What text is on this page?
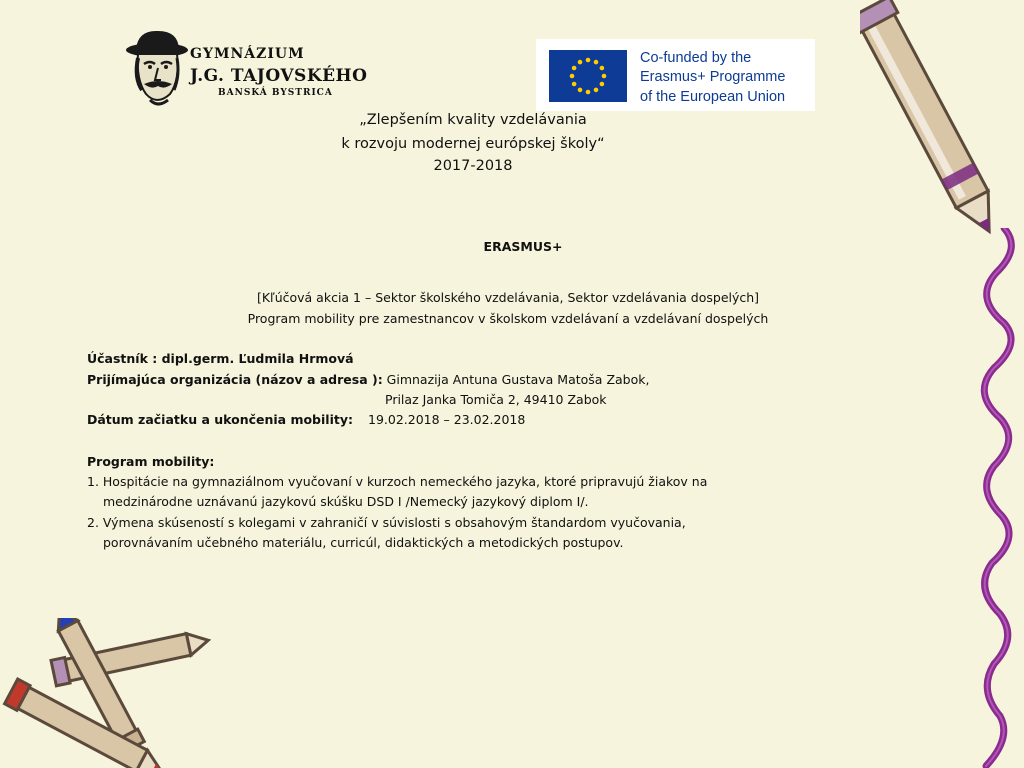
GYMNÁZIUM
J.G. TAJOVSKÉHO
BANSKÁ BYSTRICA
Co-funded by the
Erasmus+ Programme
of the European Union
„Zlepšením kvality vzdelávania
k rozvoju modernej európskej školy“
2017-2018
ERASMUS+
[Kľúčová akcia 1 – Sektor školského vzdelávania, Sektor vzdelávania dospelých]
Program mobility pre zamestnancov v školskom vzdelávaní a vzdelávaní dospelých
Účastník : dipl.germ. Ľudmila Hrmová
Prijímajúca organizácia (názov a adresa ): Gimnazija Antuna Gustava Matoša Zabok,
Prilaz Janka Tomiča 2, 49410 Zabok
Dátum začiatku a ukončenia mobility: 19.02.2018 – 23.02.2018
Program mobility:
1. Hospitácie na gymnaziálnom vyučovaní v kurzoch nemeckého jazyka, ktoré pripravujú žiakov na
medzinárodne uznávanú jazykovú skúšku DSD I /Nemecký jazykový diplom I/.
2. Výmena skúseností s kolegami v zahraničí v súvislosti s obsahovým štandardom vyučovania,
porovnávaním učebného materiálu, curricúl, didaktických a metodických postupov.
